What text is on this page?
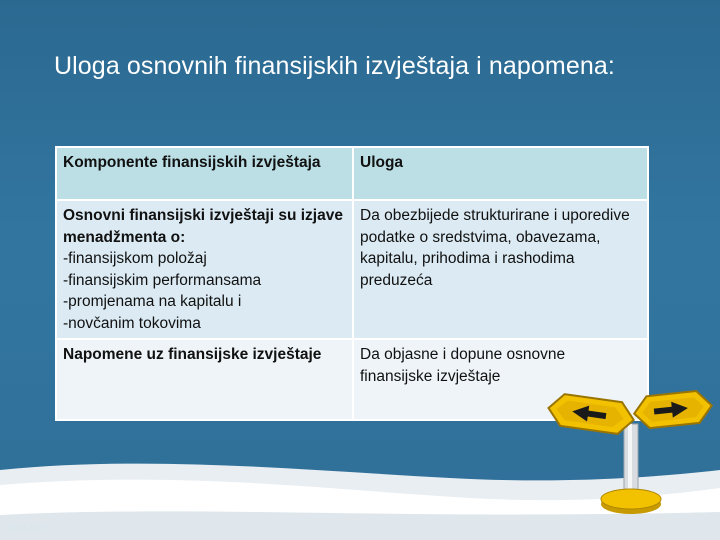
Uloga osnovnih finansijskih izvještaja i napomena:
Komponente finansijskih izvještaja	Uloga

Osnovni finansijski izvještaji su izjave menadžmenta o:
-finansijskom položaj
-finansijskim performansama
-promjenama na kapitalu i
-novčanim tokovima	Da obezbijede strukturirane i uporedive podatke o sredstvima, obavezama, kapitalu, prihodima i rashodima preduzeća

Napomene uz finansijske izvještaje	Da objasne i dopune osnovne finansijske izvještaje
fppt.com
